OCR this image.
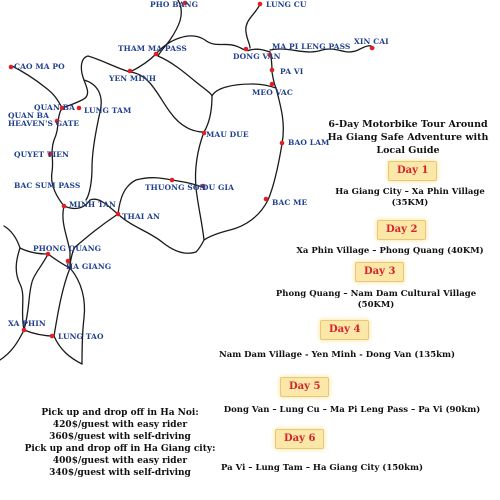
PHO BANG	LUNG CU
XIN CAI
THAM MA PASS	MA PI LENG PASS
DONG VAN
CAO MA PO
PA VI
YEN MINH
MEO VAC
QUAN BA LUNG TAM
QUAN BA HEAVEN'S GATE
MAU DUE
BAO LAM
QUYET TIEN
THUONG SON
DU GIA
BAC SUM PASS
BAC ME
MINH TAN
THAI AN
PHONG QUANG
HA GIANG
XA PHIN
LUNG TAO
6-Day Motorbike Tour Around Ha Giang Safe Adventure with Local Guide
Day 1
Ha Giang City – Xa Phin Village (35KM)
Day 2
Xa Phin Village – Phong Quang (40KM)
Day 3
Phong Quang – Nam Dam Cultural Village (50KM)
Day 4
Nam Dam Village - Yen Minh - Dong Van (135km)
Day 5
Dong Van – Lung Cu – Ma Pi Leng Pass – Pa Vi (90km)
Day 6
Pa Vi – Lung Tam – Ha Giang City (150km)
Pick up and drop off in Ha Noi:
420$/guest with easy rider
360$/guest with self-driving
Pick up and drop off in Ha Giang city:
400$/guest with easy rider
340$/guest with self-driving
